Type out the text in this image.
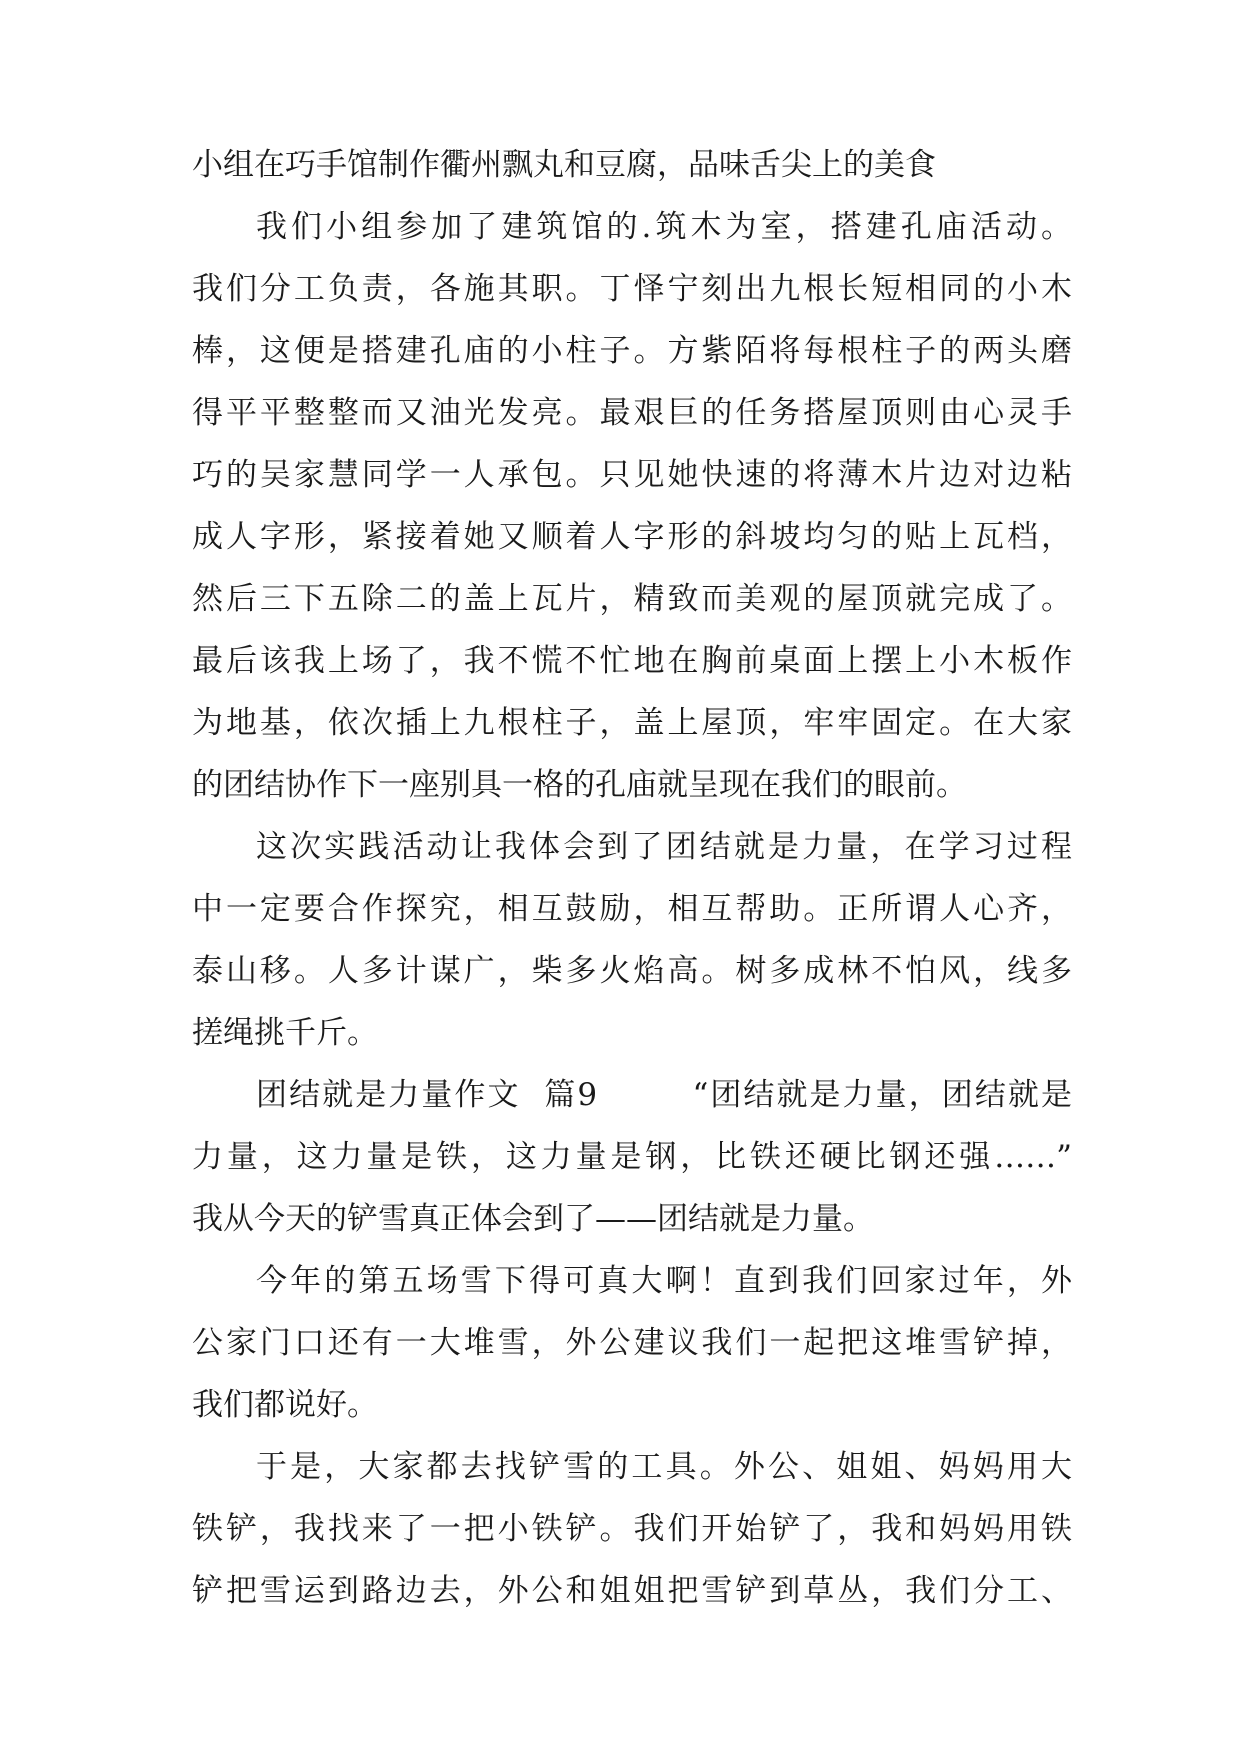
小组在巧手馆制作衢州飘丸和豆腐，品味舌尖上的美食
我们小组参加了建筑馆的.筑木为室，搭建孔庙活动。
我们分工负责，各施其职。丁怿宁刻出九根长短相同的小木
棒，这便是搭建孔庙的小柱子。方紫陌将每根柱子的两头磨
得平平整整而又油光发亮。最艰巨的任务搭屋顶则由心灵手
巧的吴家慧同学一人承包。只见她快速的将薄木片边对边粘
成人字形，紧接着她又顺着人字形的斜坡均匀的贴上瓦档，
然后三下五除二的盖上瓦片，精致而美观的屋顶就完成了。
最后该我上场了，我不慌不忙地在胸前桌面上摆上小木板作
为地基，依次插上九根柱子，盖上屋顶，牢牢固定。在大家
的团结协作下一座别具一格的孔庙就呈现在我们的眼前。
这次实践活动让我体会到了团结就是力量，在学习过程
中一定要合作探究，相互鼓励，相互帮助。正所谓人心齐，
泰山移。人多计谋广，柴多火焰高。树多成林不怕风，线多
搓绳挑千斤。
团结就是力量作文  篇9        “团结就是力量，团结就是
力量，这力量是铁，这力量是钢，比铁还硬比钢还强……”
我从今天的铲雪真正体会到了——团结就是力量。
今年的第五场雪下得可真大啊！直到我们回家过年，外
公家门口还有一大堆雪，外公建议我们一起把这堆雪铲掉，
我们都说好。
于是，大家都去找铲雪的工具。外公、姐姐、妈妈用大
铁铲，我找来了一把小铁铲。我们开始铲了，我和妈妈用铁
铲把雪运到路边去，外公和姐姐把雪铲到草丛，我们分工、
